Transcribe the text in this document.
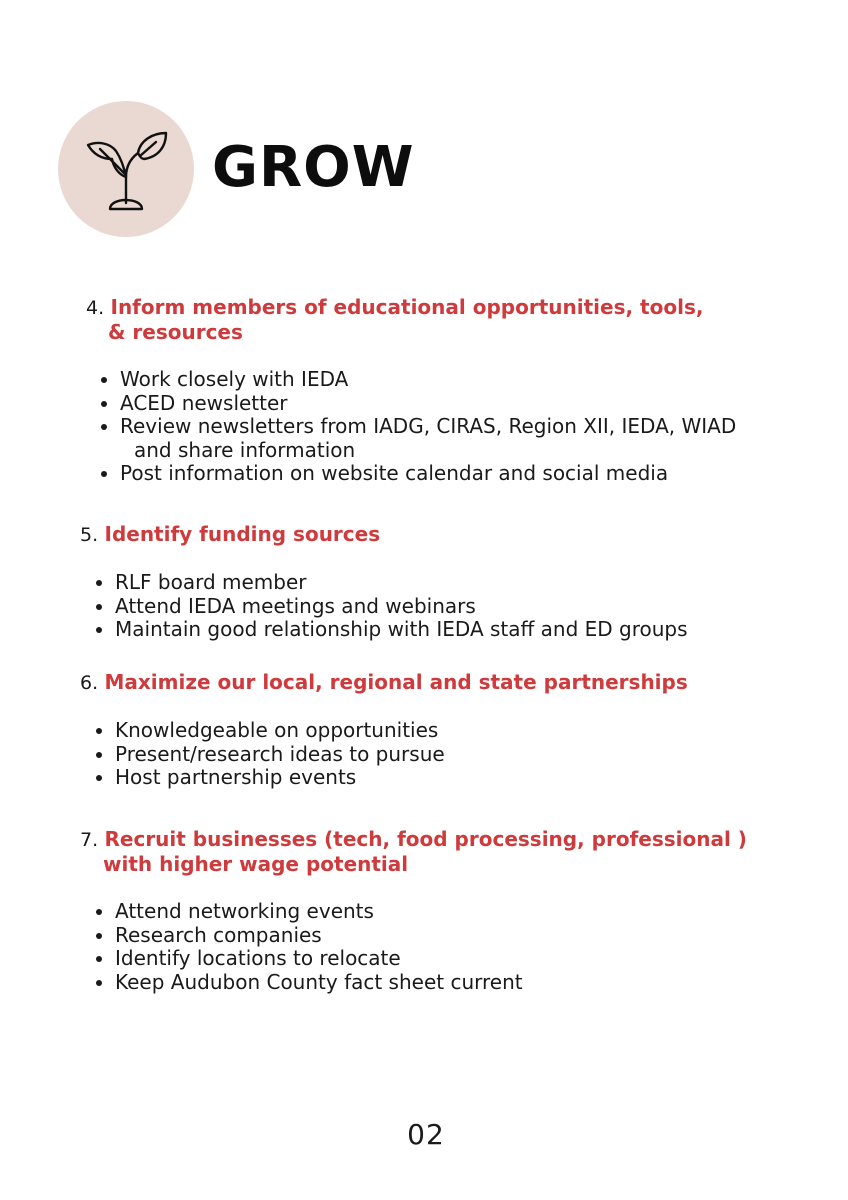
GROW
4. Inform members of educational opportunities, tools,
& resources
Work closely with IEDA
ACED newsletter
Review newsletters from IADG, CIRAS, Region XII, IEDA, WIAD
and share information
Post information on website calendar and social media
5. Identify funding sources
RLF board member
Attend IEDA meetings and webinars
Maintain good relationship with IEDA staff and ED groups
6. Maximize our local, regional and state partnerships
Knowledgeable on opportunities
Present/research ideas to pursue
Host partnership events
7. Recruit businesses (tech, food processing, professional )
with higher wage potential
Attend networking events
Research companies
Identify locations to relocate
Keep Audubon County fact sheet current
02
